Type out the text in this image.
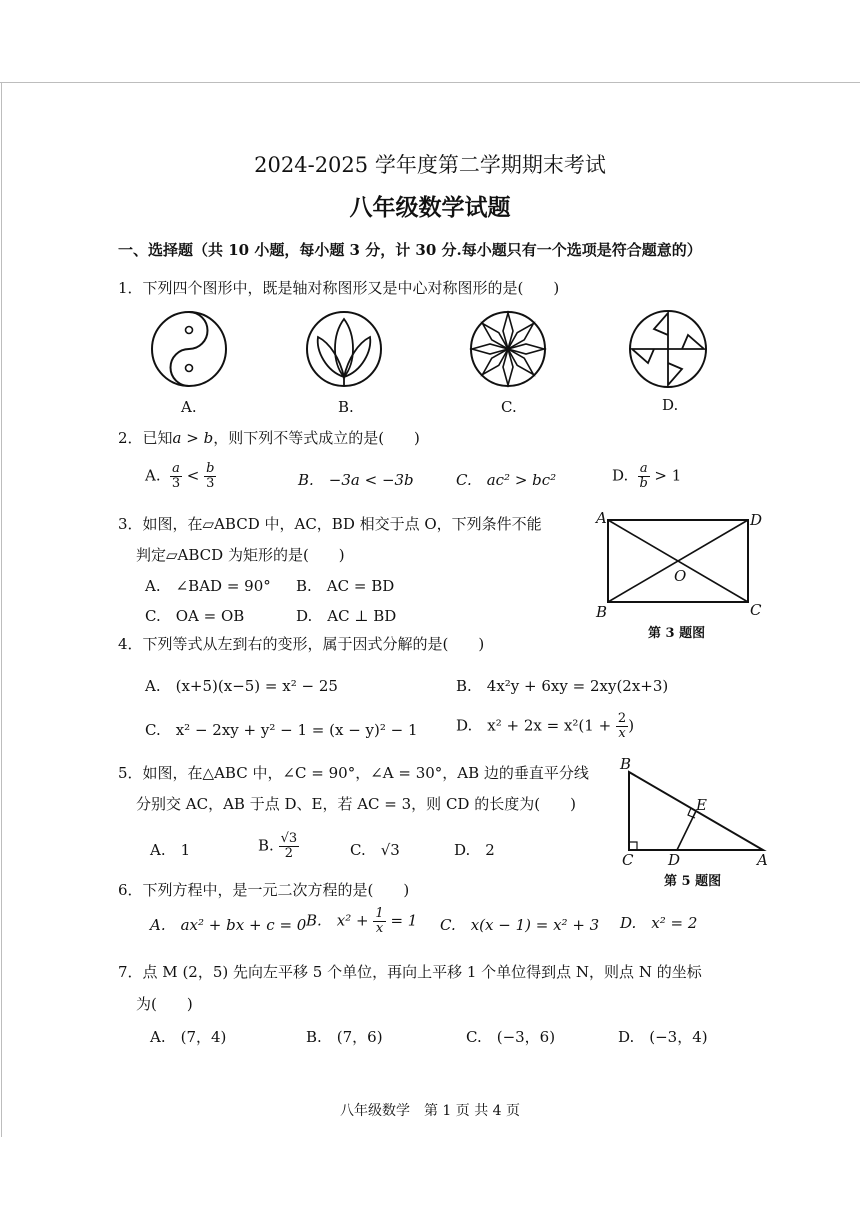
2024-2025 学年度第二学期期末考试
八年级数学试题
一、选择题（共 10 小题，每小题 3 分，计 30 分.每小题只有一个选项是符合题意的）
1．下列四个图形中，既是轴对称图形又是中心对称图形的是(　　)
A.	B.	C.	D.
2．已知a > b，则下列不等式成立的是(　　)
A. $\frac{a}{3} < \frac{b}{3}$	B.　−3a < −3b	C.　ac² > bc²	D. $\frac{a}{b} > 1$
3．如图，在▱ABCD 中，AC，BD 相交于点 O，下列条件不能
判定▱ABCD 为矩形的是(　　)
A.　∠BAD = 90° B.　AC = BD
C.　OA = OB	D.　AC ⊥ BD
A	D
B	C
O
第 3 题图
4．下列等式从左到右的变形，属于因式分解的是(　　)
A.　(x+5)(x−5) = x² − 25	B.　4x²y + 6xy = 2xy(2x+3)
C.　x² − 2xy + y² − 1 = (x − y)² − 1	D.　$x^2 + 2x = x^2(1 + \frac{2}{x}$ )
5．如图，在△ABC 中，∠C = 90°，∠A = 30°，AB 边的垂直平分线
分别交 AC，AB 于点 D、E，若 AC = 3，则 CD 的长度为(　　)
A.　1	B. $\frac{√3}{2}$	C.　√3	D.　2
B
E
C D	A
第 5 题图
6．下列方程中，是一元二次方程的是(　　)
A.　ax² + bx + c = 0 B.　$x^2 + \frac{1}{x} = 1$ C.　x(x − 1) = x² + 3 D.　x² = 2
7．点 M (2，5) 先向左平移 5 个单位，再向上平移 1 个单位得到点 N，则点 N 的坐标
为(　　)
A.　(7，4)	B.　(7，6)	C.　(−3，6)	D.　(−3，4)
八年级数学　第 1 页 共 4 页
